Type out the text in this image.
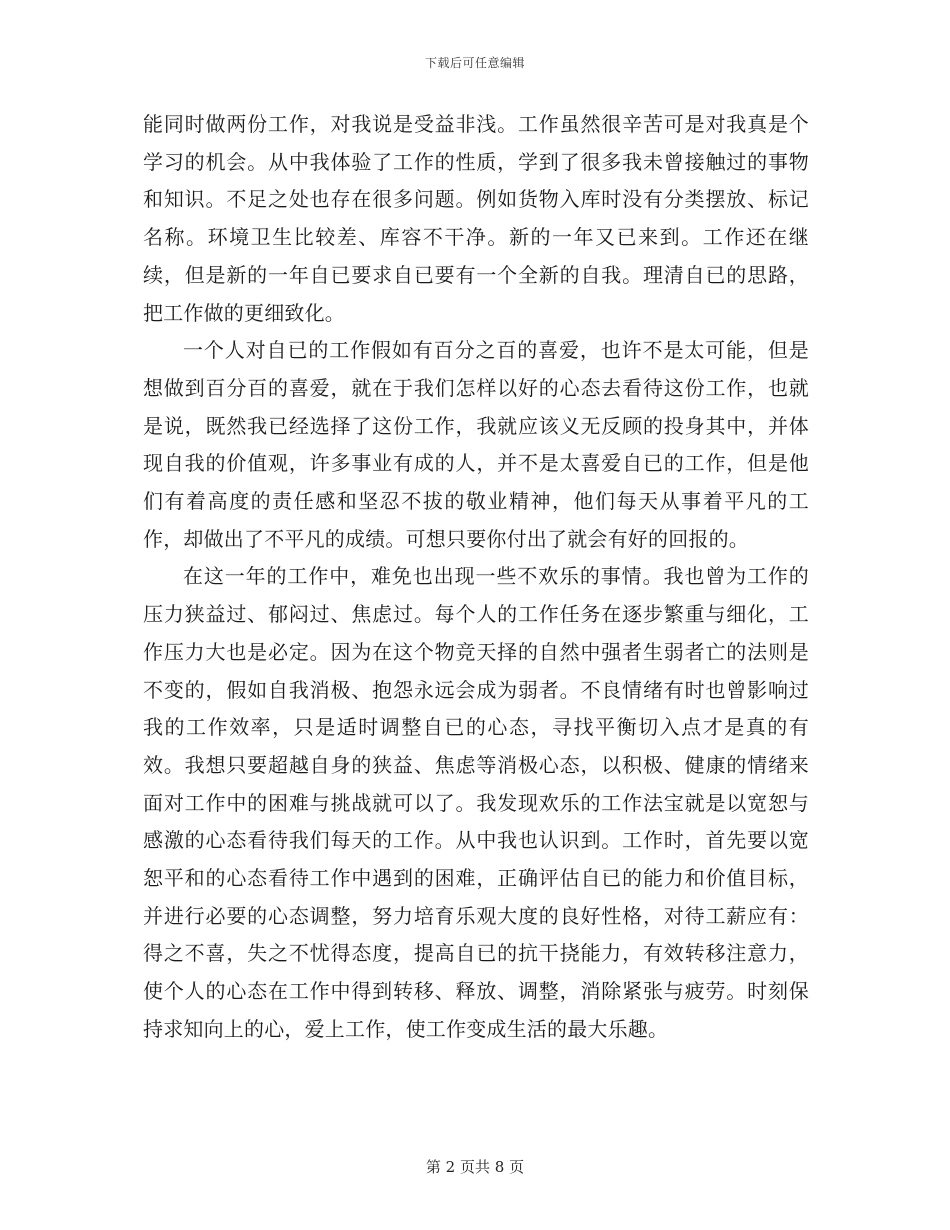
下载后可任意编辑

能同时做两份工作，对我说是受益非浅。工作虽然很辛苦可是对我真是个学习的机会。从中我体验了工作的性质，学到了很多我未曾接触过的事物和知识。不足之处也存在很多问题。例如货物入库时没有分类摆放、标记名称。环境卫生比较差、库容不干净。新的一年又已来到。工作还在继续，但是新的一年自已要求自已要有一个全新的自我。理清自已的思路，把工作做的更细致化。

一个人对自已的工作假如有百分之百的喜爱，也许不是太可能，但是想做到百分百的喜爱，就在于我们怎样以好的心态去看待这份工作，也就是说，既然我已经选择了这份工作，我就应该义无反顾的投身其中，并体现自我的价值观，许多事业有成的人，并不是太喜爱自已的工作，但是他们有着高度的责任感和坚忍不拔的敬业精神，他们每天从事着平凡的工作，却做出了不平凡的成绩。可想只要你付出了就会有好的回报的。

在这一年的工作中，难免也出现一些不欢乐的事情。我也曾为工作的压力狭益过、郁闷过、焦虑过。每个人的工作任务在逐步繁重与细化，工作压力大也是必定。因为在这个物竞天择的自然中强者生弱者亡的法则是不变的，假如自我消极、抱怨永远会成为弱者。不良情绪有时也曾影响过我的工作效率，只是适时调整自已的心态，寻找平衡切入点才是真的有效。我想只要超越自身的狭益、焦虑等消极心态，以积极、健康的情绪来面对工作中的困难与挑战就可以了。我发现欢乐的工作法宝就是以宽恕与感激的心态看待我们每天的工作。从中我也认识到。工作时，首先要以宽恕平和的心态看待工作中遇到的困难，正确评估自已的能力和价值目标，并进行必要的心态调整，努力培育乐观大度的良好性格，对待工薪应有：得之不喜，失之不忧得态度，提高自已的抗干挠能力，有效转移注意力，使个人的心态在工作中得到转移、释放、调整，消除紧张与疲劳。时刻保持求知向上的心，爱上工作，使工作变成生活的最大乐趣。

第 2 页共 8 页
